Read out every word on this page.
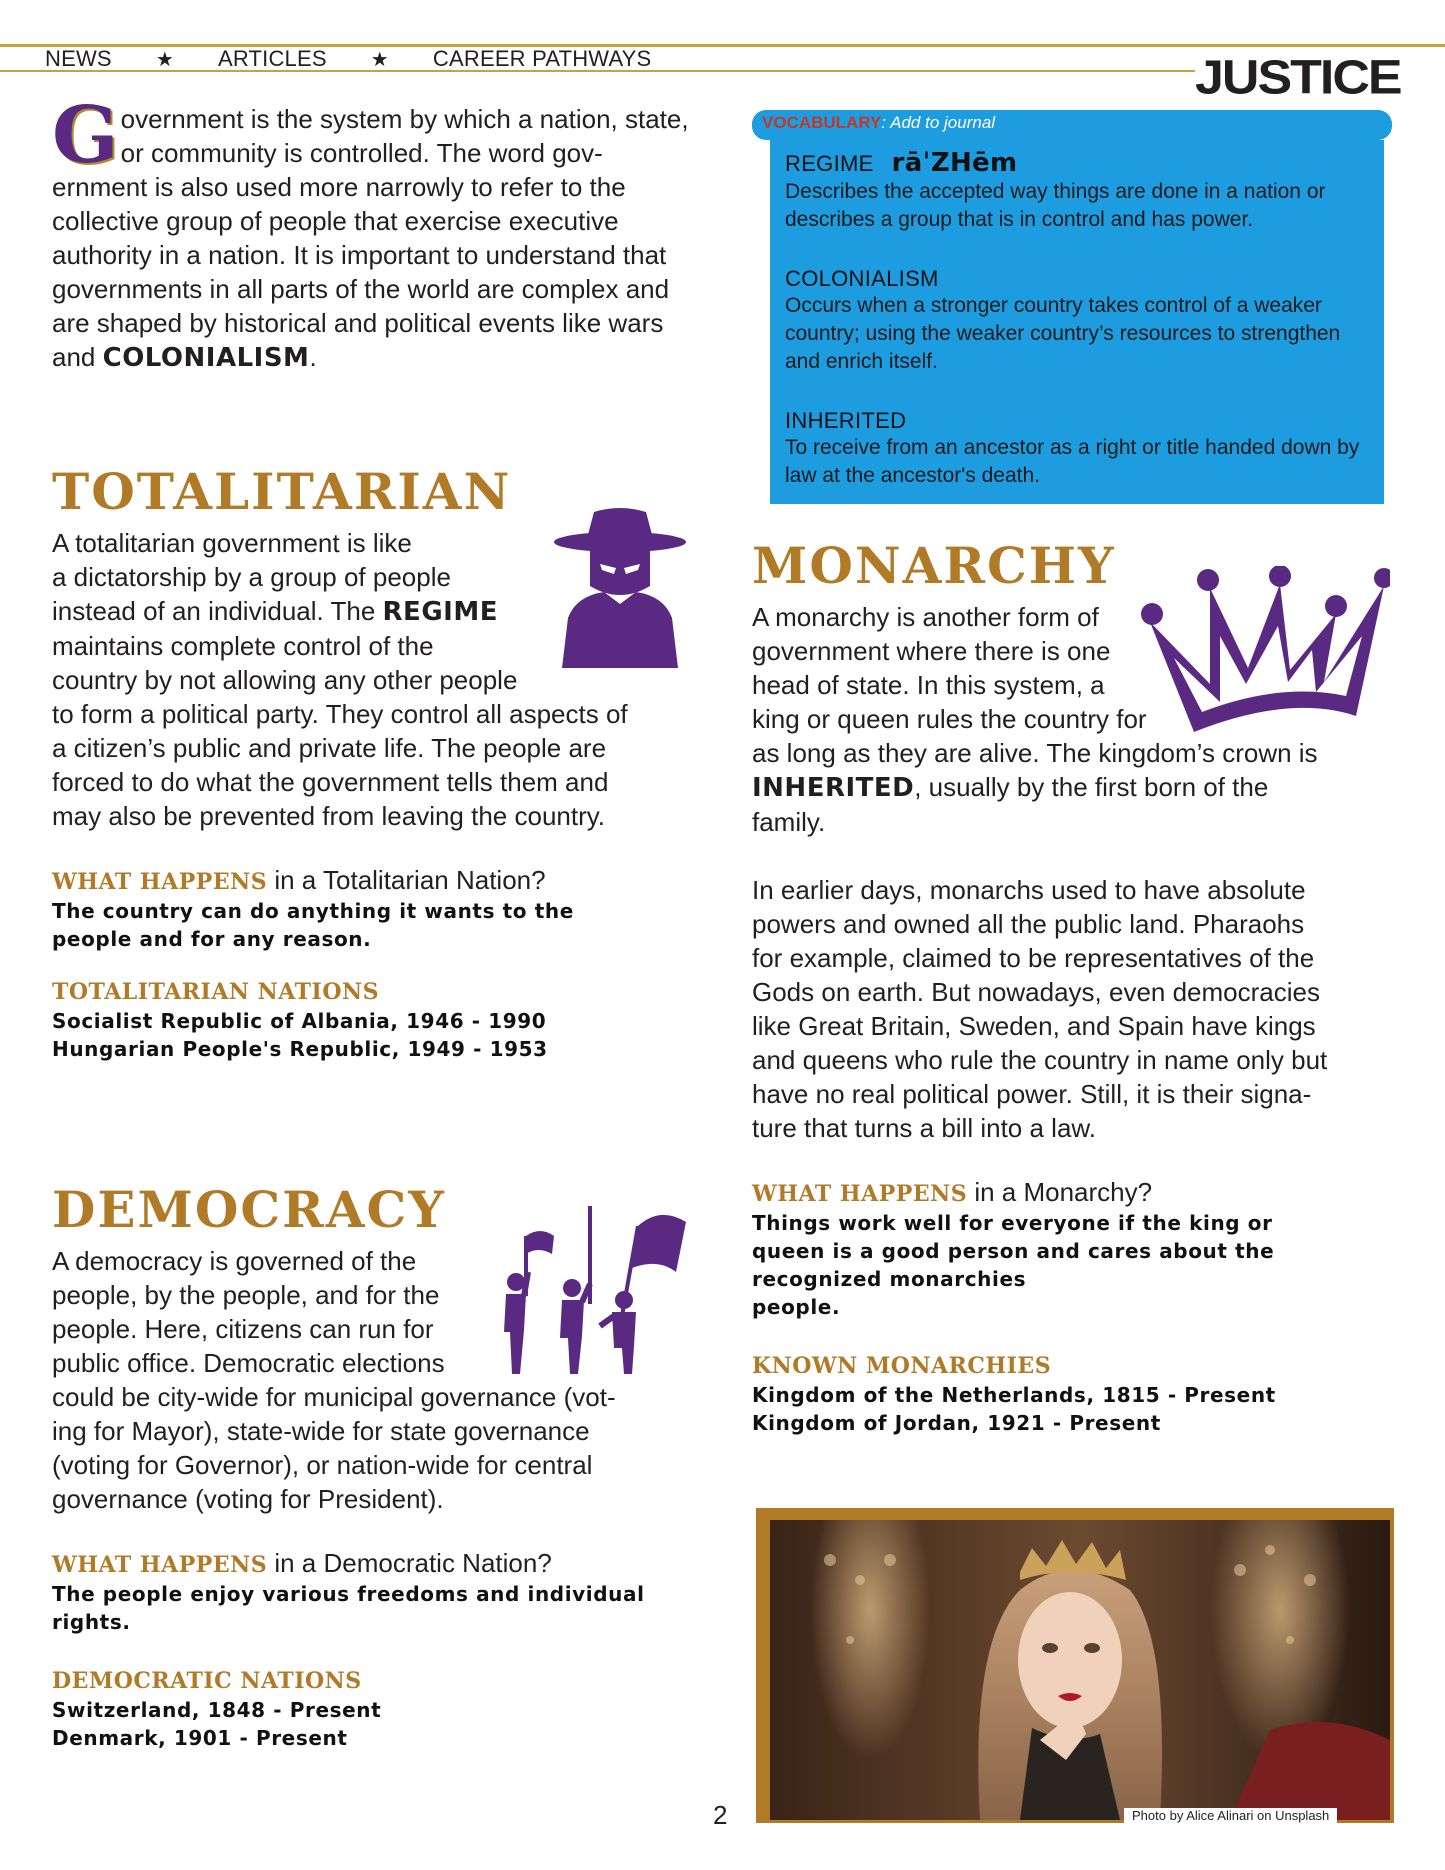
NEWS ★ ARTICLES ★ CAREER PATHWAYS	JUSTICE
Government is the system by which a nation, state, or community is controlled. The word gov-ernment is also used more narrowly to refer to the collective group of people that exercise executive authority in a nation. It is important to understand that governments in all parts of the world are complex and are shaped by historical and political events like wars and COLONIALISM.
TOTALITARIAN
A totalitarian government is like
a dictatorship by a group of people
instead of an individual. The REGIME
maintains complete control of the
country by not allowing any other people
to form a political party. They control all aspects of
a citizen’s public and private life. The people are
forced to do what the government tells them and
may also be prevented from leaving the country.
WHAT HAPPENS in a Totalitarian Nation?
The country can do anything it wants to the people and for any reason.
TOTALITARIAN NATIONS
Socialist Republic of Albania, 1946 - 1990
Hungarian People's Republic, 1949 - 1953
DEMOCRACY
A democracy is governed of the
people, by the people, and for the
people. Here, citizens can run for
public office. Democratic elections
could be city-wide for municipal governance (vot-
ing for Mayor), state-wide for state governance
(voting for Governor), or nation-wide for central
governance (voting for President).
WHAT HAPPENS in a Democratic Nation?
The people enjoy various freedoms and individual rights.
DEMOCRATIC NATIONS
Switzerland, 1848 - Present
Denmark, 1901 - Present
VOCABULARY: Add to journal
REGIME rāˈZHēm
Describes the accepted way things are done in a nation or describes a group that is in control and has power.
COLONIALISM
Occurs when a stronger country takes control of a weaker country; using the weaker country’s resources to strengthen and enrich itself.
INHERITED
To receive from an ancestor as a right or title handed down by law at the ancestor's death.
MONARCHY
A monarchy is another form of
government where there is one
head of state. In this system, a
king or queen rules the country for
as long as they are alive. The kingdom’s crown is
INHERITED, usually by the first born of the
family.
In earlier days, monarchs used to have absolute
powers and owned all the public land. Pharaohs
for example, claimed to be representatives of the
Gods on earth. But nowadays, even democracies
like Great Britain, Sweden, and Spain have kings
and queens who rule the country in name only but
have no real political power. Still, it is their signa-
ture that turns a bill into a law.
WHAT HAPPENS in a Monarchy?
Things work well for everyone if the king or
queen is a good person and cares about the
recognized monarchies
people.
KNOWN MONARCHIES
Kingdom of the Netherlands, 1815 - Present
Kingdom of Jordan, 1921 - Present
Photo by Alice Alinari on Unsplash
2
